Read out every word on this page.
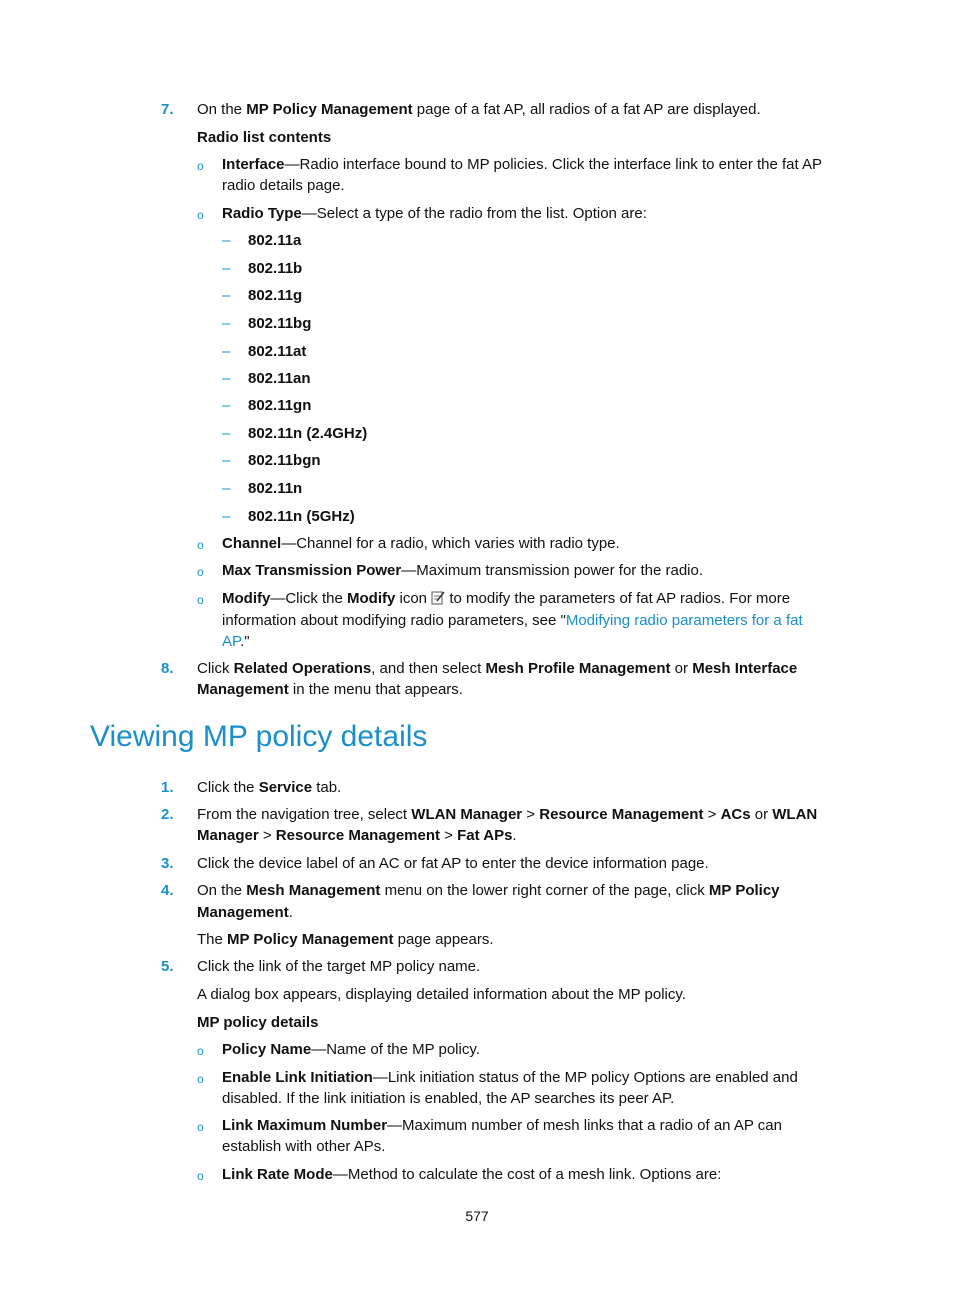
7. On the MP Policy Management page of a fat AP, all radios of a fat AP are displayed.
Radio list contents
o Interface—Radio interface bound to MP policies. Click the interface link to enter the fat AP
radio details page.
o Radio Type—Select a type of the radio from the list. Option are:
– 802.11a
– 802.11b
– 802.11g
– 802.11bg
– 802.11at
– 802.11an
– 802.11gn
– 802.11n (2.4GHz)
– 802.11bgn
– 802.11n
– 802.11n (5GHz)
o Channel—Channel for a radio, which varies with radio type.
o Max Transmission Power—Maximum transmission power for the radio.
o Modify—Click the Modify icon  to modify the parameters of fat AP radios. For more
information about modifying radio parameters, see "Modifying radio parameters for a fat
AP."
8. Click Related Operations, and then select Mesh Profile Management or Mesh Interface
Management in the menu that appears.
Viewing MP policy details
1. Click the Service tab.
2. From the navigation tree, select WLAN Manager > Resource Management > ACs or WLAN
Manager > Resource Management > Fat APs.
3. Click the device label of an AC or fat AP to enter the device information page.
4. On the Mesh Management menu on the lower right corner of the page, click MP Policy
Management.
The MP Policy Management page appears.
5. Click the link of the target MP policy name.
A dialog box appears, displaying detailed information about the MP policy.
MP policy details
o Policy Name—Name of the MP policy.
o Enable Link Initiation—Link initiation status of the MP policy Options are enabled and
disabled. If the link initiation is enabled, the AP searches its peer AP.
o Link Maximum Number—Maximum number of mesh links that a radio of an AP can
establish with other APs.
o Link Rate Mode—Method to calculate the cost of a mesh link. Options are:
577
